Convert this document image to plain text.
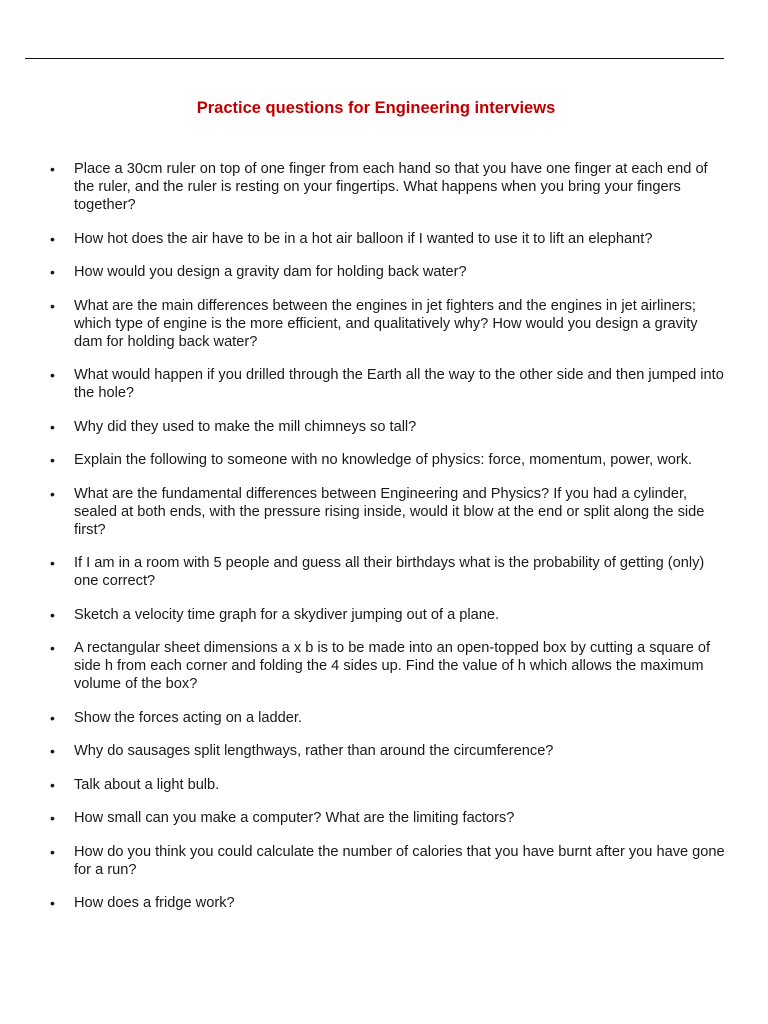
Practice questions for Engineering interviews
• Place a 30cm ruler on top of one finger from each hand so that you have one finger at each end of the ruler, and the ruler is resting on your fingertips. What happens when you bring your fingers together?
• How hot does the air have to be in a hot air balloon if I wanted to use it to lift an elephant?
• How would you design a gravity dam for holding back water?
• What are the main differences between the engines in jet fighters and the engines in jet airliners; which type of engine is the more efficient, and qualitatively why? How would you design a gravity dam for holding back water?
• What would happen if you drilled through the Earth all the way to the other side and then jumped into the hole?
• Why did they used to make the mill chimneys so tall?
• Explain the following to someone with no knowledge of physics: force, momentum, power, work.
• What are the fundamental differences between Engineering and Physics? If you had a cylinder, sealed at both ends, with the pressure rising inside, would it blow at the end or split along the side first?
• If I am in a room with 5 people and guess all their birthdays what is the probability of getting (only) one correct?
• Sketch a velocity time graph for a skydiver jumping out of a plane.
• A rectangular sheet dimensions a x b is to be made into an open-topped box by cutting a square of side h from each corner and folding the 4 sides up. Find the value of h which allows the maximum volume of the box?
• Show the forces acting on a ladder.
• Why do sausages split lengthways, rather than around the circumference?
• Talk about a light bulb.
• How small can you make a computer? What are the limiting factors?
• How do you think you could calculate the number of calories that you have burnt after you have gone for a run?
• How does a fridge work?
